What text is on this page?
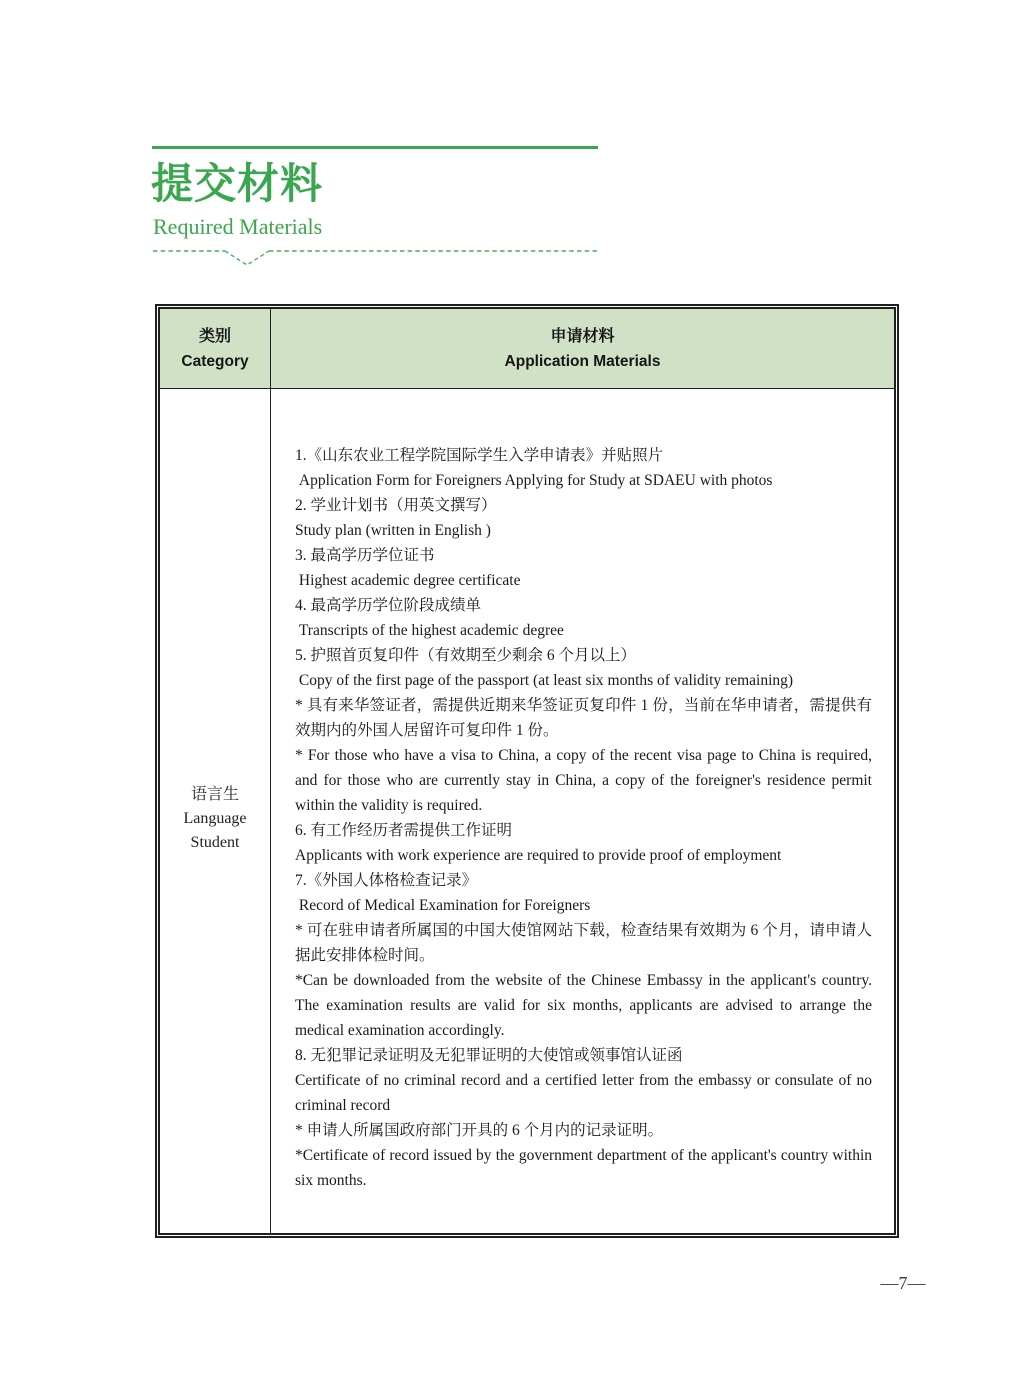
提交材料
Required Materials
类别
Category
申请材料
Application Materials
语言生
Language
Student

1.《山东农业工程学院国际学生入学申请表》并贴照片

Application Form for Foreigners Applying for Study at SDAEU with photos

2. 学业计划书（用英文撰写）

Study plan (written in English )

3. 最高学历学位证书

Highest academic degree certificate

4. 最高学历学位阶段成绩单

Transcripts of the highest academic degree

5. 护照首页复印件（有效期至少剩余 6 个月以上）

Copy of the first page of the passport (at least six months of validity remaining)

* 具有来华签证者，需提供近期来华签证页复印件 1 份，当前在华申请者，需提供有效期内的外国人居留许可复印件 1 份。

* For those who have a visa to China, a copy of the recent visa page to China is required, and for those who are currently stay in China, a copy of the foreigner's residence permit within the validity is required.

6. 有工作经历者需提供工作证明

Applicants with work experience are required to provide proof of employment

7.《外国人体格检查记录》

Record of Medical Examination for Foreigners

* 可在驻申请者所属国的中国大使馆网站下载，检查结果有效期为 6 个月，请申请人据此安排体检时间。

*Can be downloaded from the website of the Chinese Embassy in the applicant's country. The examination results are valid for six months, applicants are advised to arrange the medical examination accordingly.

8. 无犯罪记录证明及无犯罪证明的大使馆或领事馆认证函

Certificate of no criminal record and a certified letter from the embassy or consulate of no criminal record

* 申请人所属国政府部门开具的 6 个月内的记录证明。

*Certificate of record issued by the government department of the applicant's country within six months.

—7—
